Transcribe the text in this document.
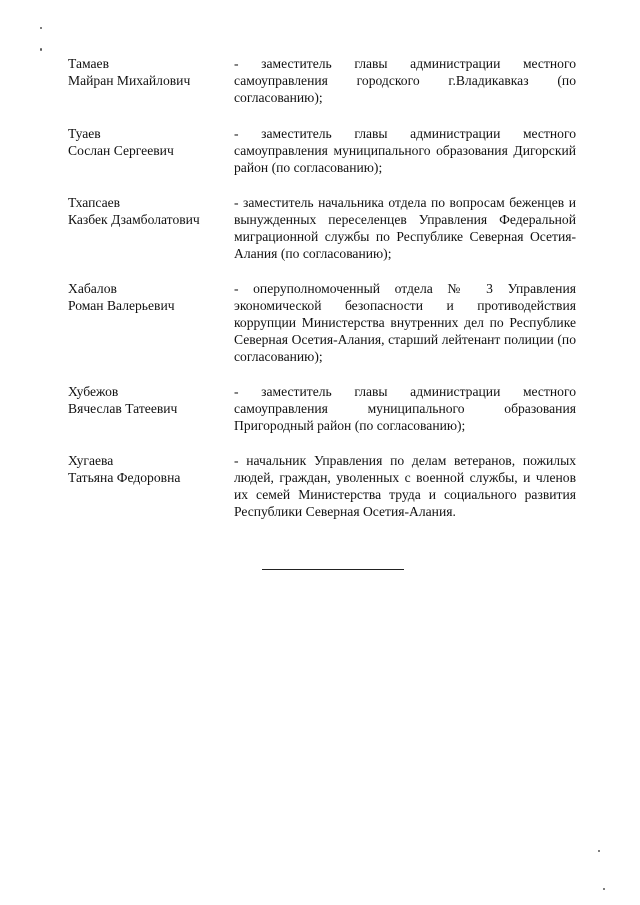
Тамаев
Майран Михайлович
- заместитель главы администрации местного самоуправления городского г.Владикавказ (по согласованию);
Туаев
Сослан Сергеевич
- заместитель главы администрации местного самоуправления муниципального образования Дигорский район (по согласованию);
Тхапсаев
Казбек Дзамболатович
- заместитель начальника отдела по вопросам беженцев и вынужденных переселенцев Управления Федеральной миграционной службы по Республике Северная Осетия-Алания (по согласованию);
Хабалов
Роман Валерьевич
- оперуполномоченный отдела № 3 Управления экономической безопасности и противодействия коррупции Министерства внутренних дел по Республике Северная Осетия-Алания, старший лейтенант полиции (по согласованию);
Хубежов
Вячеслав Татеевич
- заместитель главы администрации местного самоуправления муниципального образования Пригородный район (по согласованию);
Хугаева
Татьяна Федоровна
- начальник Управления по делам ветеранов, пожилых людей, граждан, уволенных с военной службы, и членов их семей Министерства труда и социального развития Республики Северная Осетия-Алания.
